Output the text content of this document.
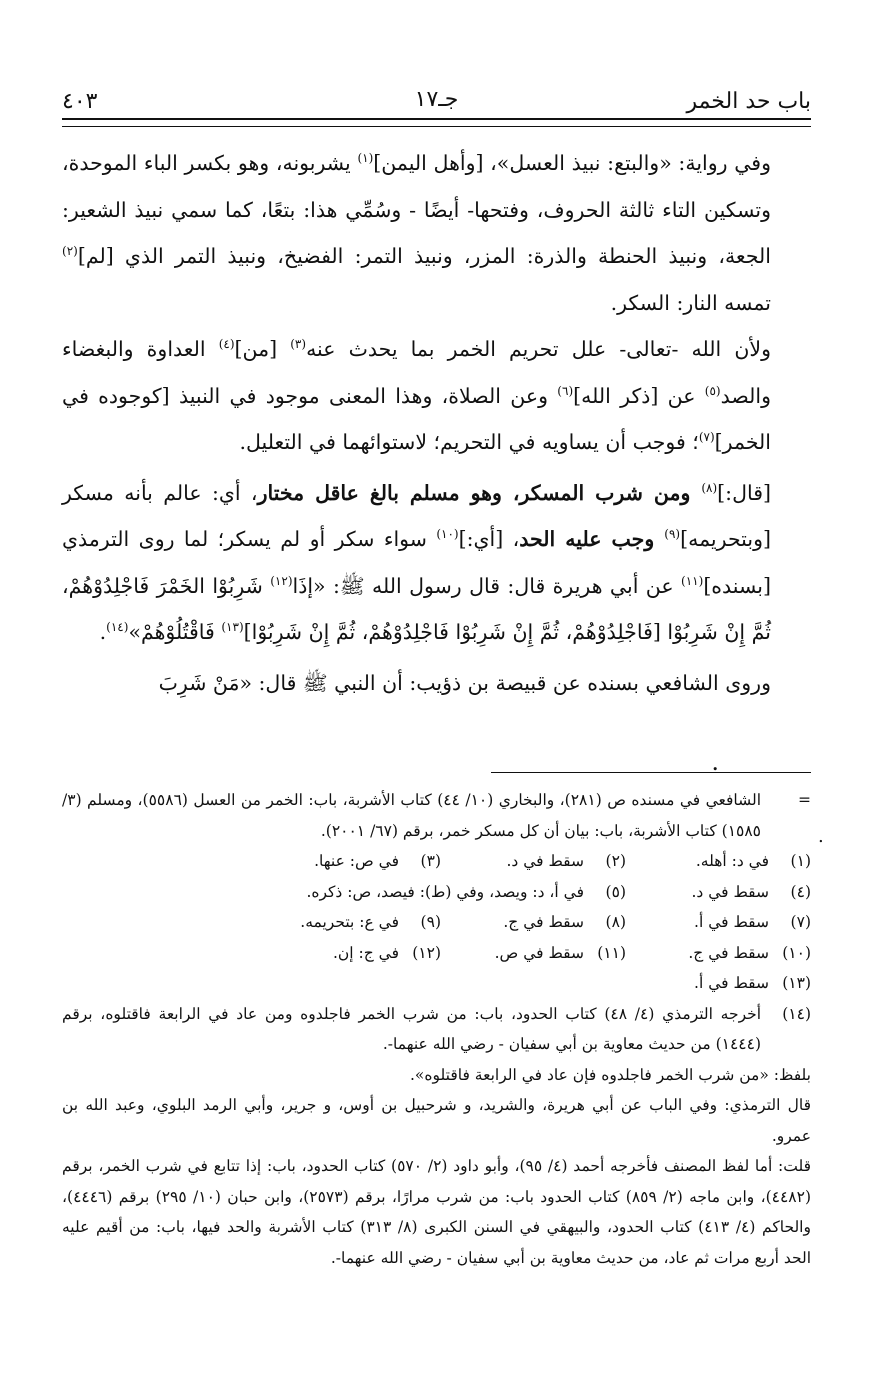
باب حد الخمر
جـ١٧
٤٠٣

وفي رواية: «والبتع: نبيذ العسل»، [وأهل اليمن]$^{(١)}$ يشربونه، وهو بكسر الباء الموحدة، وتسكين التاء ثالثة الحروف، وفتحها- أيضًا - وسُمِّي هذا: بتعًا، كما سمي نبيذ الشعير: الجعة، ونبيذ الحنطة والذرة: المزر، ونبيذ التمر: الفضيخ، ونبيذ التمر الذي [لم]$^{(٢)}$ تمسه النار: السكر.

ولأن الله -تعالى- علل تحريم الخمر بما يحدث عنه$^{(٣)}$ [من]$^{(٤)}$ العداوة والبغضاء والصد$^{(٥)}$ عن [ذكر الله]$^{(٦)}$ وعن الصلاة، وهذا المعنى موجود في النبيذ [كوجوده في الخمر]$^{(٧)}$؛ فوجب أن يساويه في التحريم؛ لاستوائهما في التعليل.

[قال:]$^{(٨)}$ ومن شرب المسكر، وهو مسلم بالغ عاقل مختار، أي: عالم بأنه مسكر [وبتحريمه]$^{(٩)}$ وجب عليه الحد، [أي:]$^{(١٠)}$ سواء سكر أو لم يسكر؛ لما روى الترمذي [بسنده]$^{(١١)}$ عن أبي هريرة قال: قال رسول الله ﷺ: «إذَا$^{(١٢)}$ شَرِبُوْا الخَمْرَ فَاجْلِدُوْهُمْ، ثُمَّ إِنْ شَرِبُوْا [فَاجْلِدُوْهُمْ، ثُمَّ إِنْ شَرِبُوْا فَاجْلِدُوْهُمْ، ثُمَّ إِنْ شَرِبُوْا]$^{(١٣)}$ فَاقْتُلُوْهُمْ»$^{(١٤)}$.

وروى الشافعي بسنده عن قبيصة بن ذؤيب: أن النبي ﷺ قال: «مَنْ شَرِبَ

.
=
الشافعي في مسنده ص (٢٨١)، والبخاري (١٠/ ٤٤) كتاب الأشربة، باب: الخمر من العسل (٥٥٨٦)، ومسلم (٣/ ١٥٨٥) كتاب الأشربة، باب: بيان أن كل مسكر خمر، برقم (٦٧/ ٢٠٠١).
(١)
في د: أهله.
(٢)
سقط في د.
(٣)
في ص: عنها.
(٤)
سقط في د.
(٥)
في أ، د: ويصد، وفي (ط): فيصد، ص: ذكره.
(٧)
سقط في أ.
(٨)
سقط في ج.
(٩)
في ع: بتحريمه.
(١٠)
سقط في ج.
(١١)
سقط في ص.
(١٢)
في ج: إن.
(١٣)
سقط في أ.
(١٤)
أخرجه الترمذي (٤/ ٤٨) كتاب الحدود، باب: من شرب الخمر فاجلدوه ومن عاد في الرابعة فاقتلوه، برقم (١٤٤٤) من حديث معاوية بن أبي سفيان - رضي الله عنهما-.
بلفظ: «من شرب الخمر فاجلدوه فإن عاد في الرابعة فاقتلوه».
قال الترمذي: وفي الباب عن أبي هريرة، والشريد، و شرحبيل بن أوس، و جرير، وأبي الرمد البلوي، وعبد الله بن عمرو.
قلت: أما لفظ المصنف فأخرجه أحمد (٤/ ٩٥)، وأبو داود (٢/ ٥٧٠) كتاب الحدود، باب: إذا تتابع في شرب الخمر، برقم (٤٤٨٢)، وابن ماجه (٢/ ٨٥٩) كتاب الحدود باب: من شرب مرارًا، برقم (٢٥٧٣)، وابن حبان (١٠/ ٢٩٥) برقم (٤٤٤٦)، والحاكم (٤/ ٤١٣) كتاب الحدود، والبيهقي في السنن الكبرى (٨/ ٣١٣) كتاب الأشربة والحد فيها، باب: من أقيم عليه الحد أربع مرات ثم عاد، من حديث معاوية بن أبي سفيان - رضي الله عنهما-.
.
